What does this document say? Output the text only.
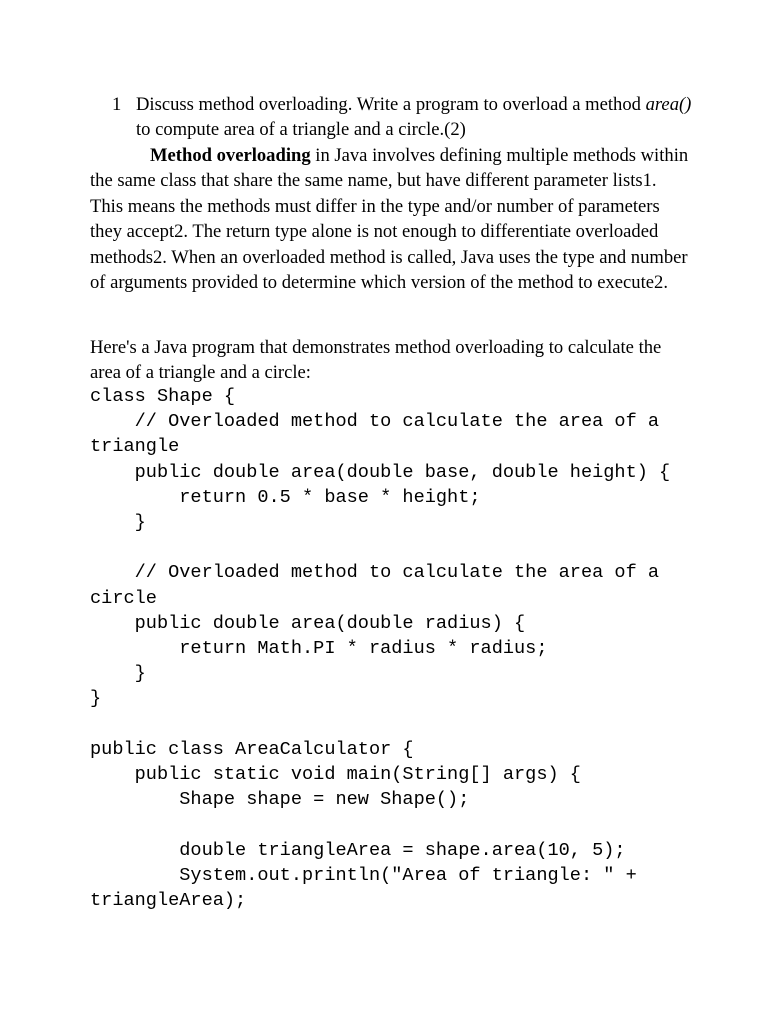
1 Discuss method overloading. Write a program to overload a method area() to compute area of a triangle and a circle.(2)

Method overloading in Java involves defining multiple methods within the same class that share the same name, but have different parameter lists1. This means the methods must differ in the type and/or number of parameters they accept2. The return type alone is not enough to differentiate overloaded methods2. When an overloaded method is called, Java uses the type and number of arguments provided to determine which version of the method to execute2.

Here's a Java program that demonstrates method overloading to calculate the area of a triangle and a circle:

class Shape {
// Overloaded method to calculate the area of a
triangle
public double area(double base, double height) {
return 0.5 * base * height;
}

// Overloaded method to calculate the area of a
circle
public double area(double radius) {
return Math.PI * radius * radius;
}
}

public class AreaCalculator {
public static void main(String[] args) {
Shape shape = new Shape();

double triangleArea = shape.area(10, 5);
System.out.println("Area of triangle: " +
triangleArea);
